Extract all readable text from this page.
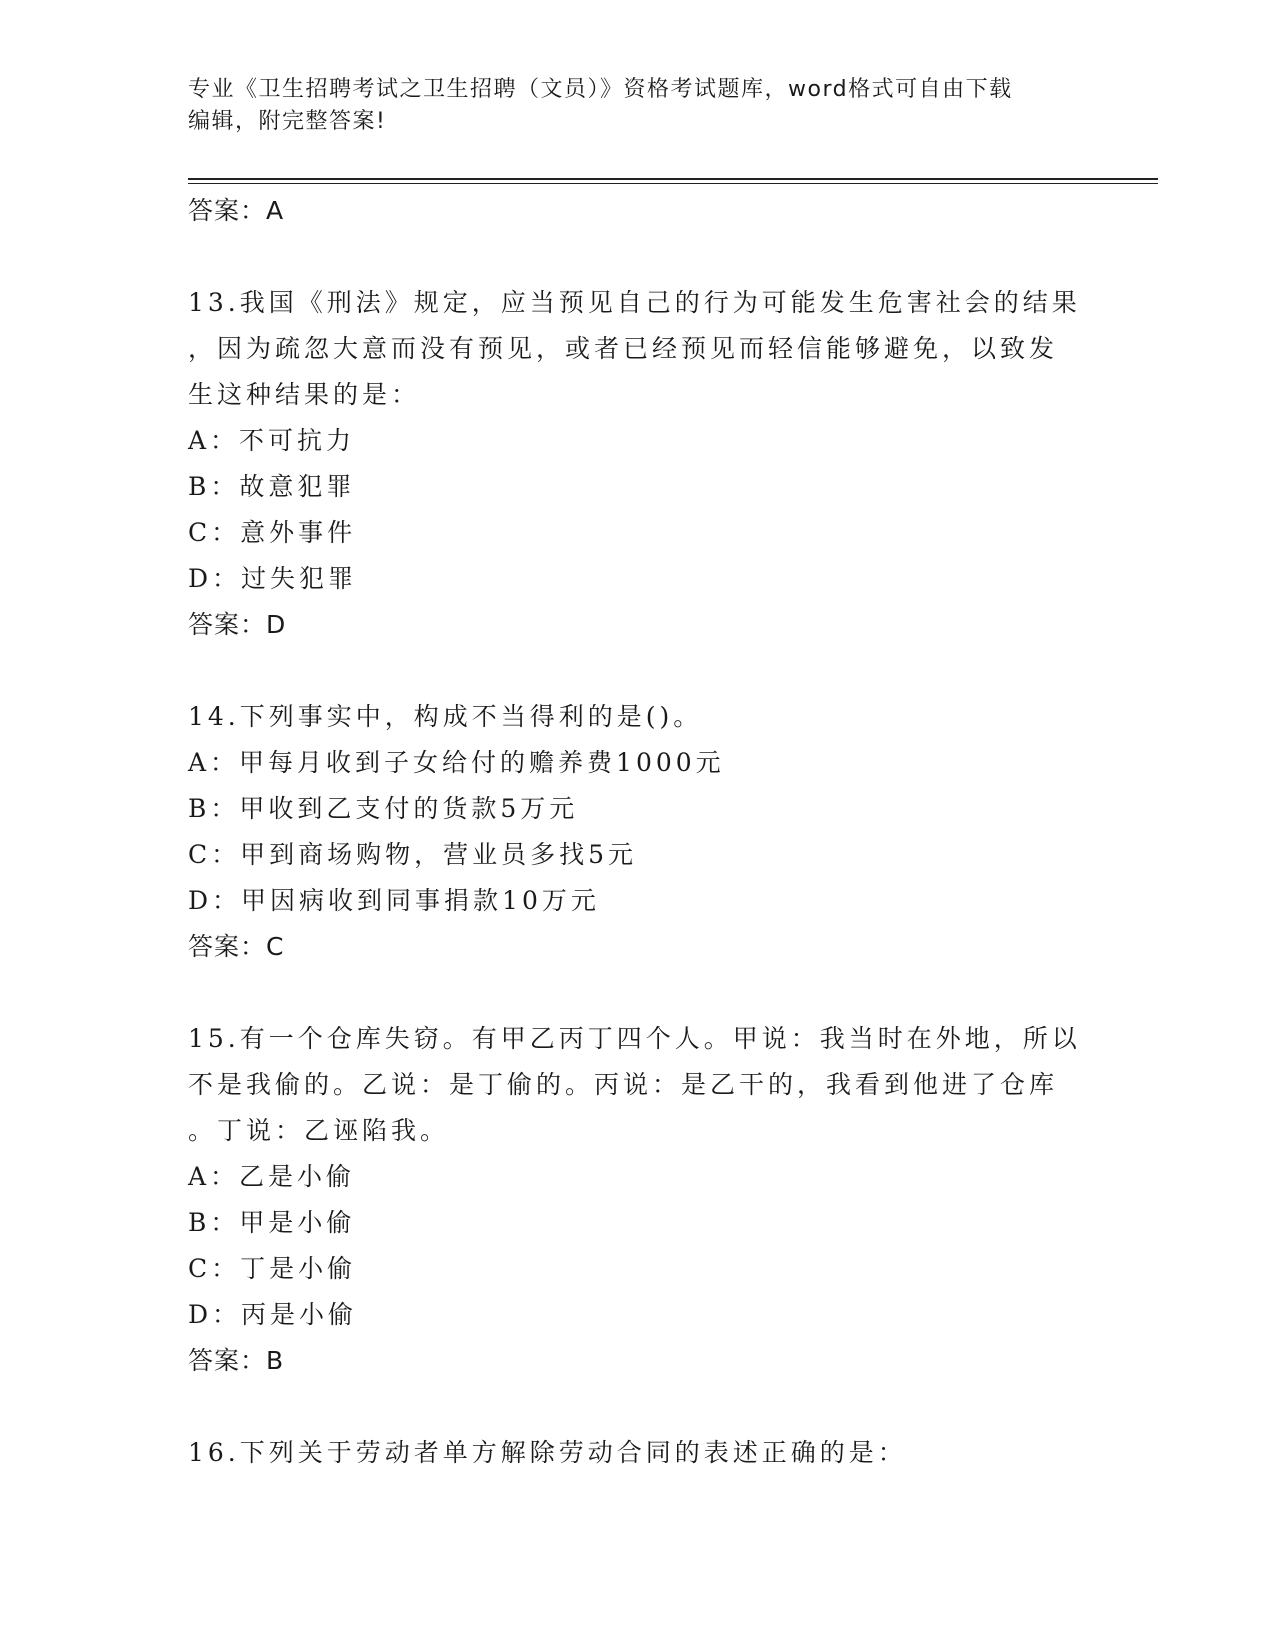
专业《卫生招聘考试之卫生招聘（文员）》资格考试题库，word格式可自由下载
编辑，附完整答案!

答案：A

13.我国《刑法》规定，应当预见自己的行为可能发生危害社会的结果

，因为疏忽大意而没有预见，或者已经预见而轻信能够避免，以致发

生这种结果的是：

A：不可抗力

B：故意犯罪

C：意外事件

D：过失犯罪

答案：D

14.下列事实中，构成不当得利的是()。

A：甲每月收到子女给付的赡养费1000元

B：甲收到乙支付的货款5万元

C：甲到商场购物，营业员多找5元

D：甲因病收到同事捐款10万元

答案：C

15.有一个仓库失窃。有甲乙丙丁四个人。甲说：我当时在外地，所以

不是我偷的。乙说：是丁偷的。丙说：是乙干的，我看到他进了仓库

。丁说：乙诬陷我。

A：乙是小偷

B：甲是小偷

C：丁是小偷

D：丙是小偷

答案：B

16.下列关于劳动者单方解除劳动合同的表述正确的是：
